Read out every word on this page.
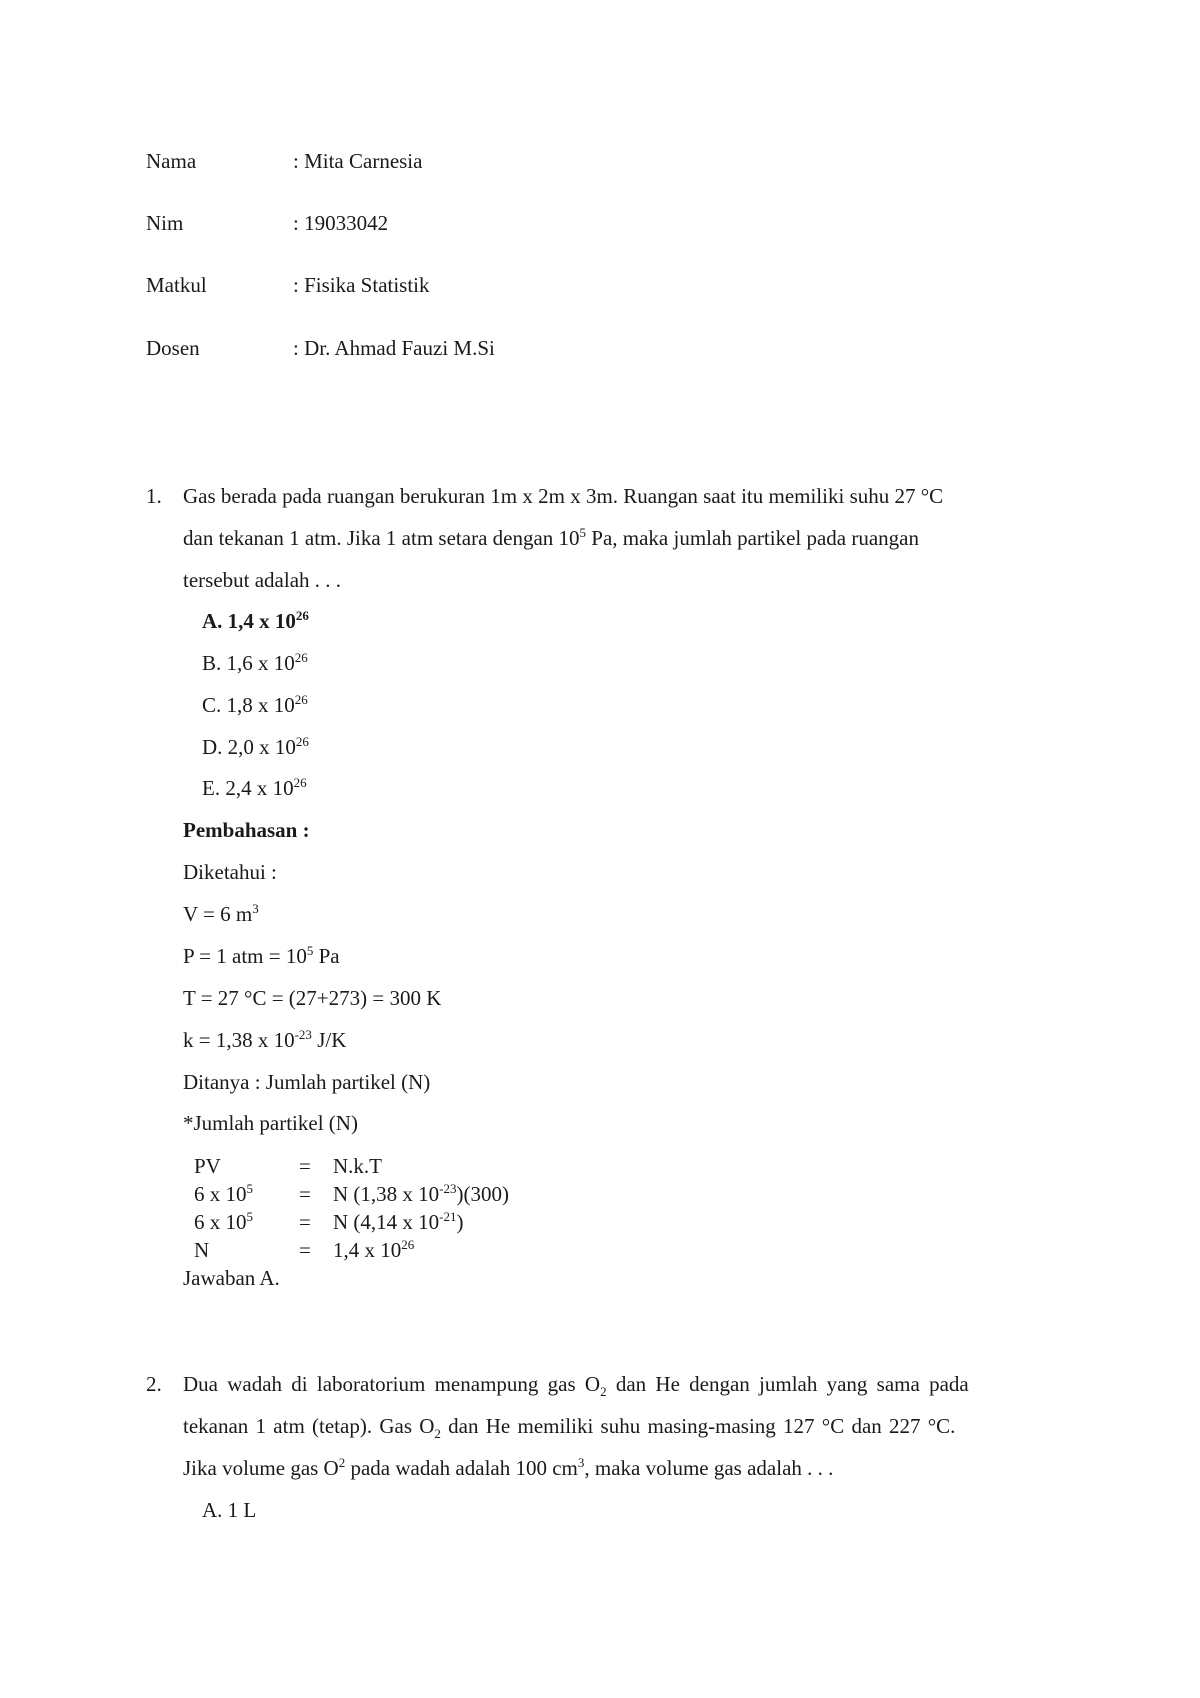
Nama	: Mita Carnesia
Nim	: 19033042
Matkul	: Fisika Statistik
Dosen	: Dr. Ahmad Fauzi M.Si
1. Gas berada pada ruangan berukuran 1m x 2m x 3m. Ruangan saat itu memiliki suhu 27 °C
dan tekanan 1 atm. Jika 1 atm setara dengan $10^5$ Pa, maka jumlah partikel pada ruangan
tersebut adalah . . .
A. 1,4 x $10^{26}$
B. 1,6 x $10^{26}$
C. 1,8 x $10^{26}$
D. 2,0 x $10^{26}$
E. 2,4 x $10^{26}$
Pembahasan :
Diketahui :
V = 6 $m^3$
P = 1 atm = $10^5$ Pa
T = 27 °C = (27+273) = 300 K
k = 1,38 x $10^{-23}$ J/K
Ditanya : Jumlah partikel (N)
*Jumlah partikel (N)
PV	= N.k.T
6 x $10^5 = N$ (1,38 x $10^{-23})(300)$
6 x $10^5 = N$ (4,14 x $10^{-21}$)
N	= 1,4 x $10^{26}$
Jawaban A.
2. Dua wadah di laboratorium menampung gas $O_2$ dan He dengan jumlah yang sama pada
tekanan 1 atm (tetap). Gas $O_2$ dan He memiliki suhu masing-masing 127 °C dan 227 °C.
Jika volume gas $O^2$ pada wadah adalah 100 $cm^3$, maka volume gas adalah . . .
A. 1 L
